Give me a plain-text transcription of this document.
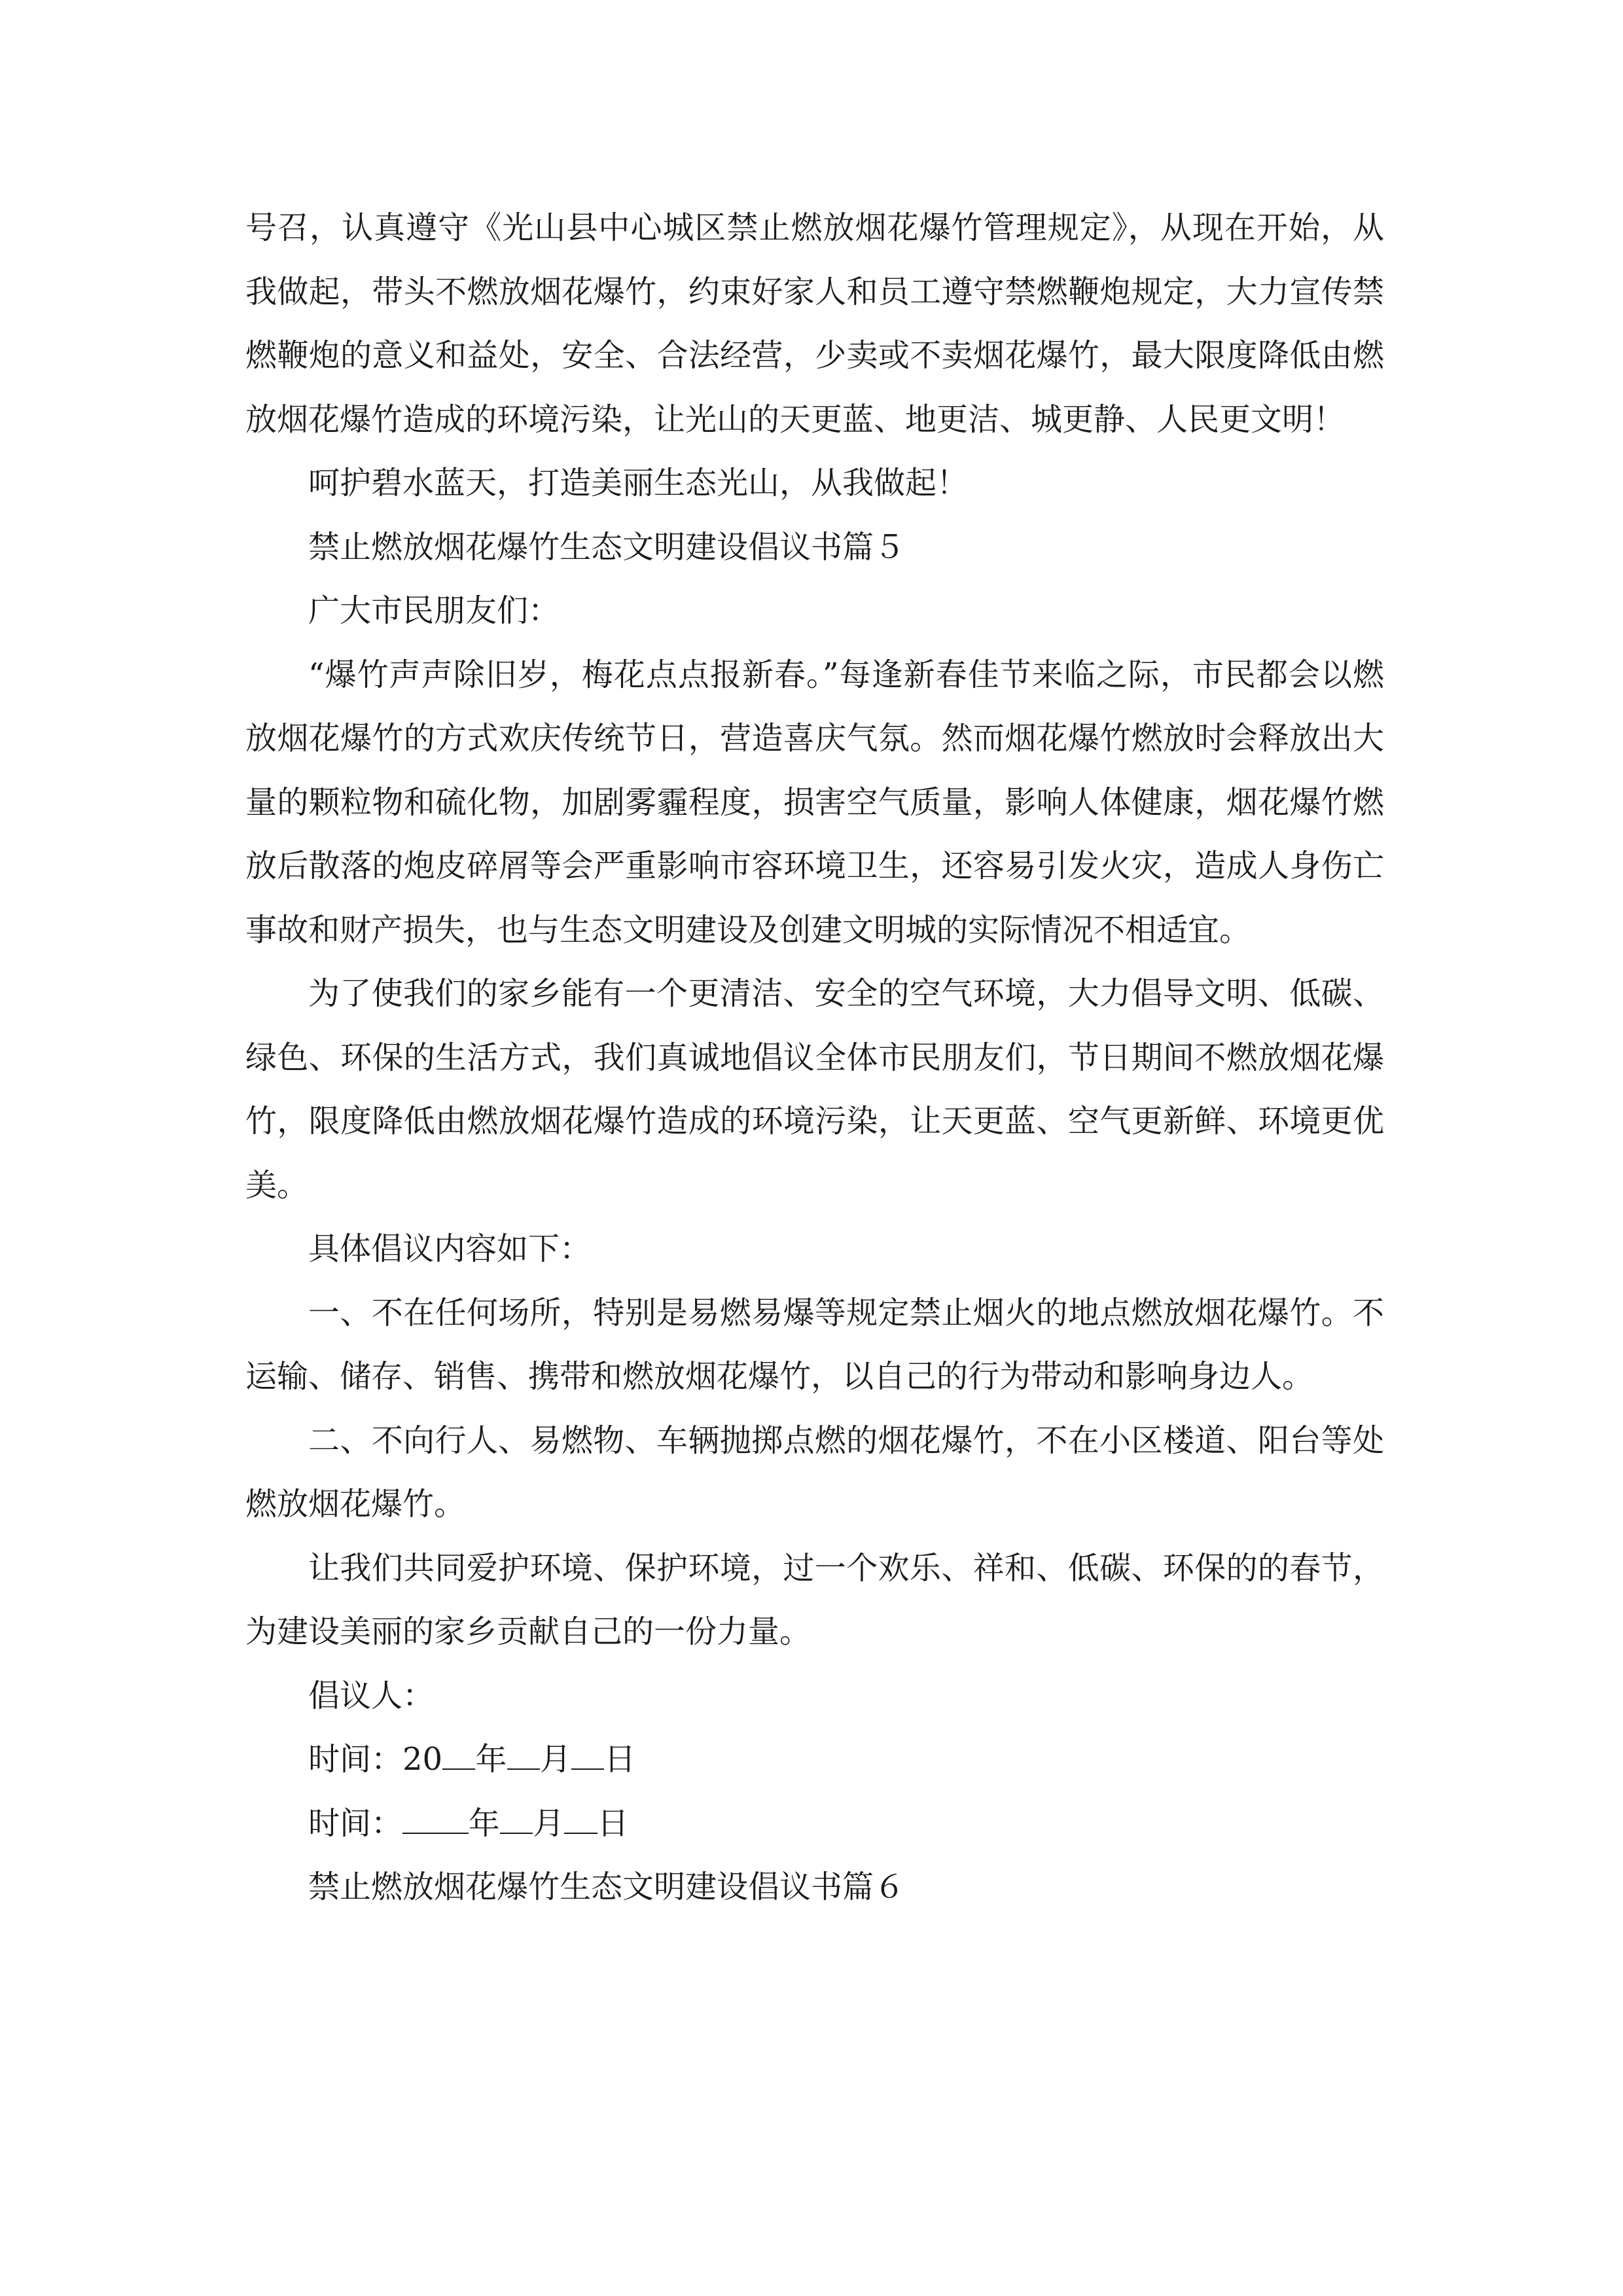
号召，认真遵守《光山县中心城区禁止燃放烟花爆竹管理规定》，从现在开始，从我做起，带头不燃放烟花爆竹，约束好家人和员工遵守禁燃鞭炮规定，大力宣传禁燃鞭炮的意义和益处，安全、合法经营，少卖或不卖烟花爆竹，最大限度降低由燃放烟花爆竹造成的环境污染，让光山的天更蓝、地更洁、城更静、人民更文明！

呵护碧水蓝天，打造美丽生态光山，从我做起！

禁止燃放烟花爆竹生态文明建设倡议书篇５

广大市民朋友们：

“爆竹声声除旧岁，梅花点点报新春。”每逢新春佳节来临之际，市民都会以燃放烟花爆竹的方式欢庆传统节日，营造喜庆气氛。然而烟花爆竹燃放时会释放出大量的颗粒物和硫化物，加剧雾霾程度，损害空气质量，影响人体健康，烟花爆竹燃放后散落的炮皮碎屑等会严重影响市容环境卫生，还容易引发火灾，造成人身伤亡事故和财产损失，也与生态文明建设及创建文明城的实际情况不相适宜。

为了使我们的家乡能有一个更清洁、安全的空气环境，大力倡导文明、低碳、绿色、环保的生活方式，我们真诚地倡议全体市民朋友们，节日期间不燃放烟花爆竹，限度降低由燃放烟花爆竹造成的环境污染，让天更蓝、空气更新鲜、环境更优美。

具体倡议内容如下：

一、不在任何场所，特别是易燃易爆等规定禁止烟火的地点燃放烟花爆竹。不运输、储存、销售、携带和燃放烟花爆竹，以自己的行为带动和影响身边人。

二、不向行人、易燃物、车辆抛掷点燃的烟花爆竹，不在小区楼道、阳台等处燃放烟花爆竹。

让我们共同爱护环境、保护环境，过一个欢乐、祥和、低碳、环保的的春节，为建设美丽的家乡贡献自己的一份力量。

倡议人：

时间：20 年 月 日

时间： 年 月 日

禁止燃放烟花爆竹生态文明建设倡议书篇６
